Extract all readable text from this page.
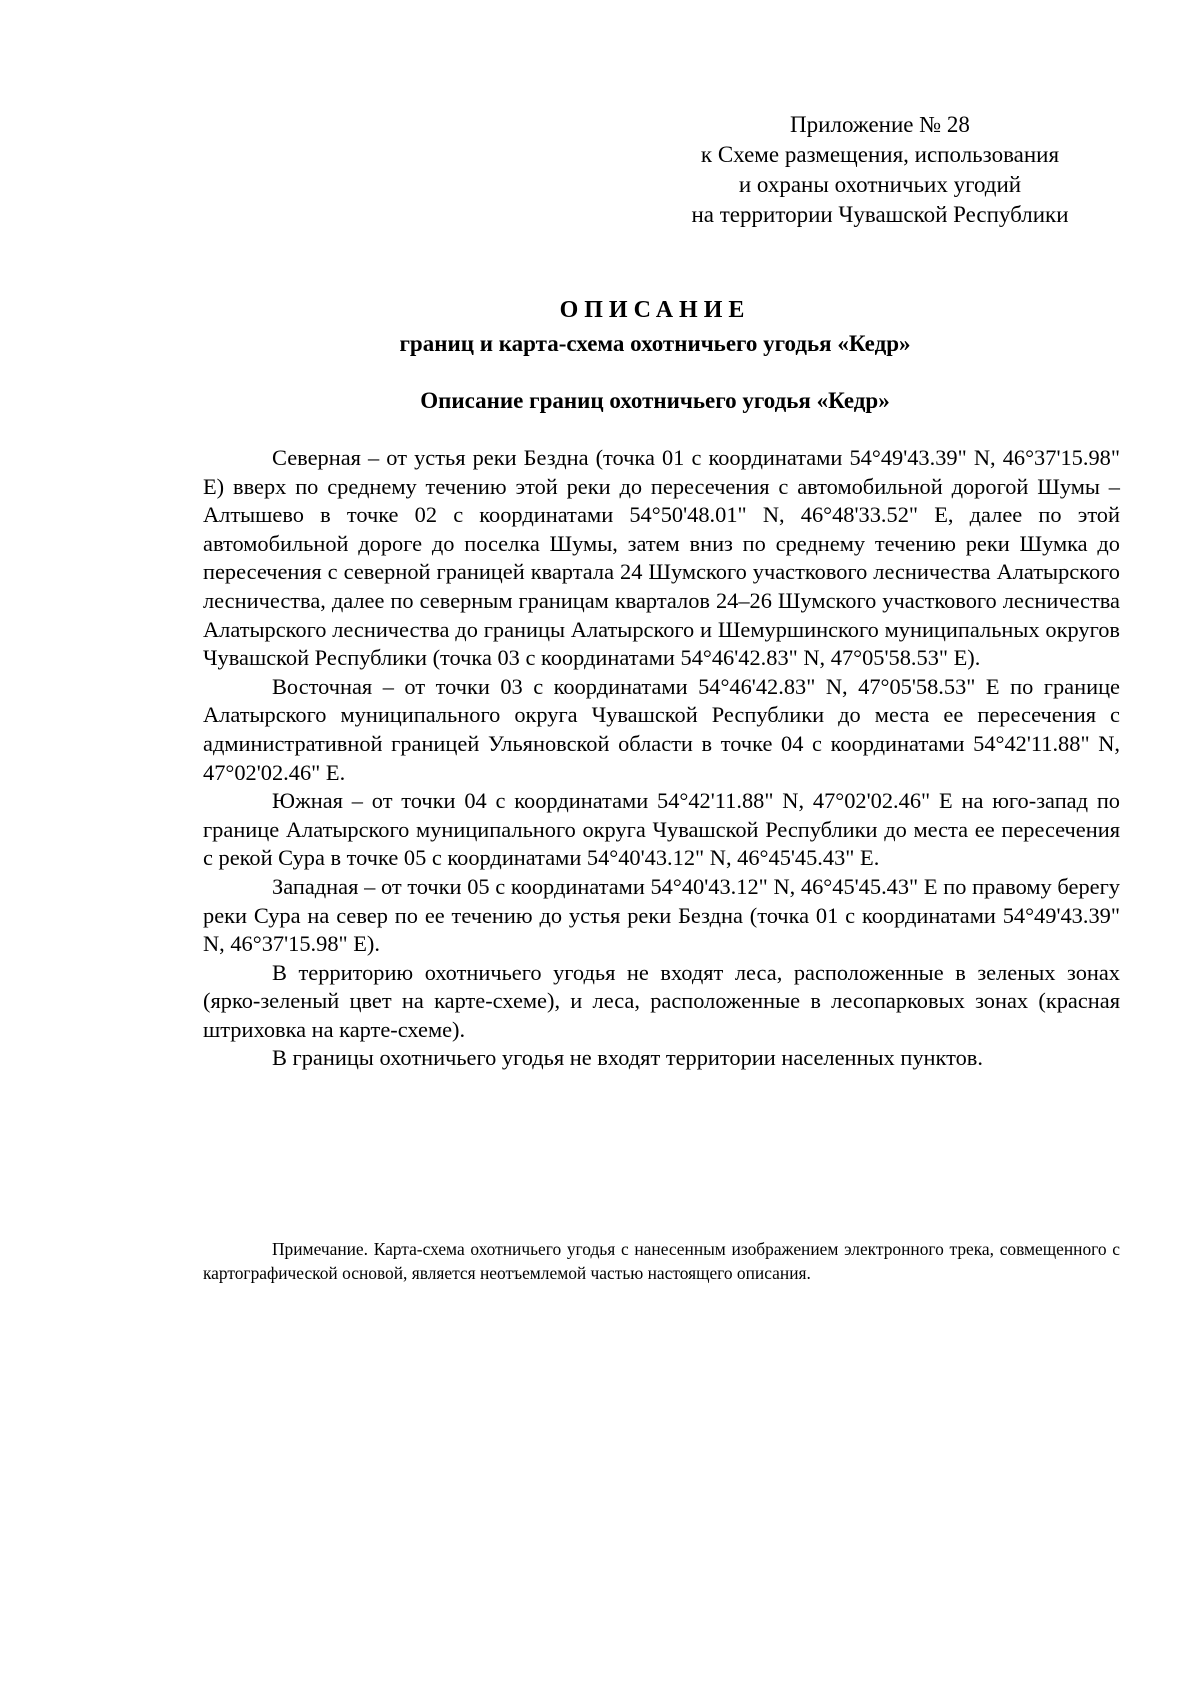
Приложение № 28
к Схеме размещения, использования
и охраны охотничьих угодий
на территории Чувашской Республики
ОПИСАНИЕ
границ и карта-схема охотничьего угодья «Кедр»
Описание границ охотничьего угодья «Кедр»

Северная – от устья реки Бездна (точка 01 с координатами 54°49'43.39" N, 46°37'15.98" E) вверх по среднему течению этой реки до пересечения с автомобильной дорогой Шумы – Алтышево в точке 02 с координатами 54°50'48.01" N, 46°48'33.52" E, далее по этой автомобильной дороге до поселка Шумы, затем вниз по среднему течению реки Шумка до пересечения с северной границей квартала 24 Шумского участкового лесничества Алатырского лесничества, далее по северным границам кварталов 24–26 Шумского участкового лесничества Алатырского лесничества до границы Алатырского и Шемуршинского муниципальных округов Чувашской Республики (точка 03 с координатами 54°46'42.83" N, 47°05'58.53" E).

Восточная – от точки 03 с координатами 54°46'42.83" N, 47°05'58.53" E по границе Алатырского муниципального округа Чувашской Республики до места ее пересечения с административной границей Ульяновской области в точке 04 с координатами 54°42'11.88" N, 47°02'02.46" E.

Южная – от точки 04 с координатами 54°42'11.88" N, 47°02'02.46" E на юго-запад по границе Алатырского муниципального округа Чувашской Республики до места ее пересечения с рекой Сура в точке 05 с координатами 54°40'43.12" N, 46°45'45.43" E.

Западная – от точки 05 с координатами 54°40'43.12" N, 46°45'45.43" E по правому берегу реки Сура на север по ее течению до устья реки Бездна (точка 01 с координатами 54°49'43.39" N, 46°37'15.98" E).

В территорию охотничьего угодья не входят леса, расположенные в зеленых зонах (ярко-зеленый цвет на карте-схеме), и леса, расположенные в лесопарковых зонах (красная штриховка на карте-схеме).

В границы охотничьего угодья не входят территории населенных пунктов.

Примечание. Карта-схема охотничьего угодья с нанесенным изображением электронного трека, совмещенного с картографической основой, является неотъемлемой частью настоящего описания.
